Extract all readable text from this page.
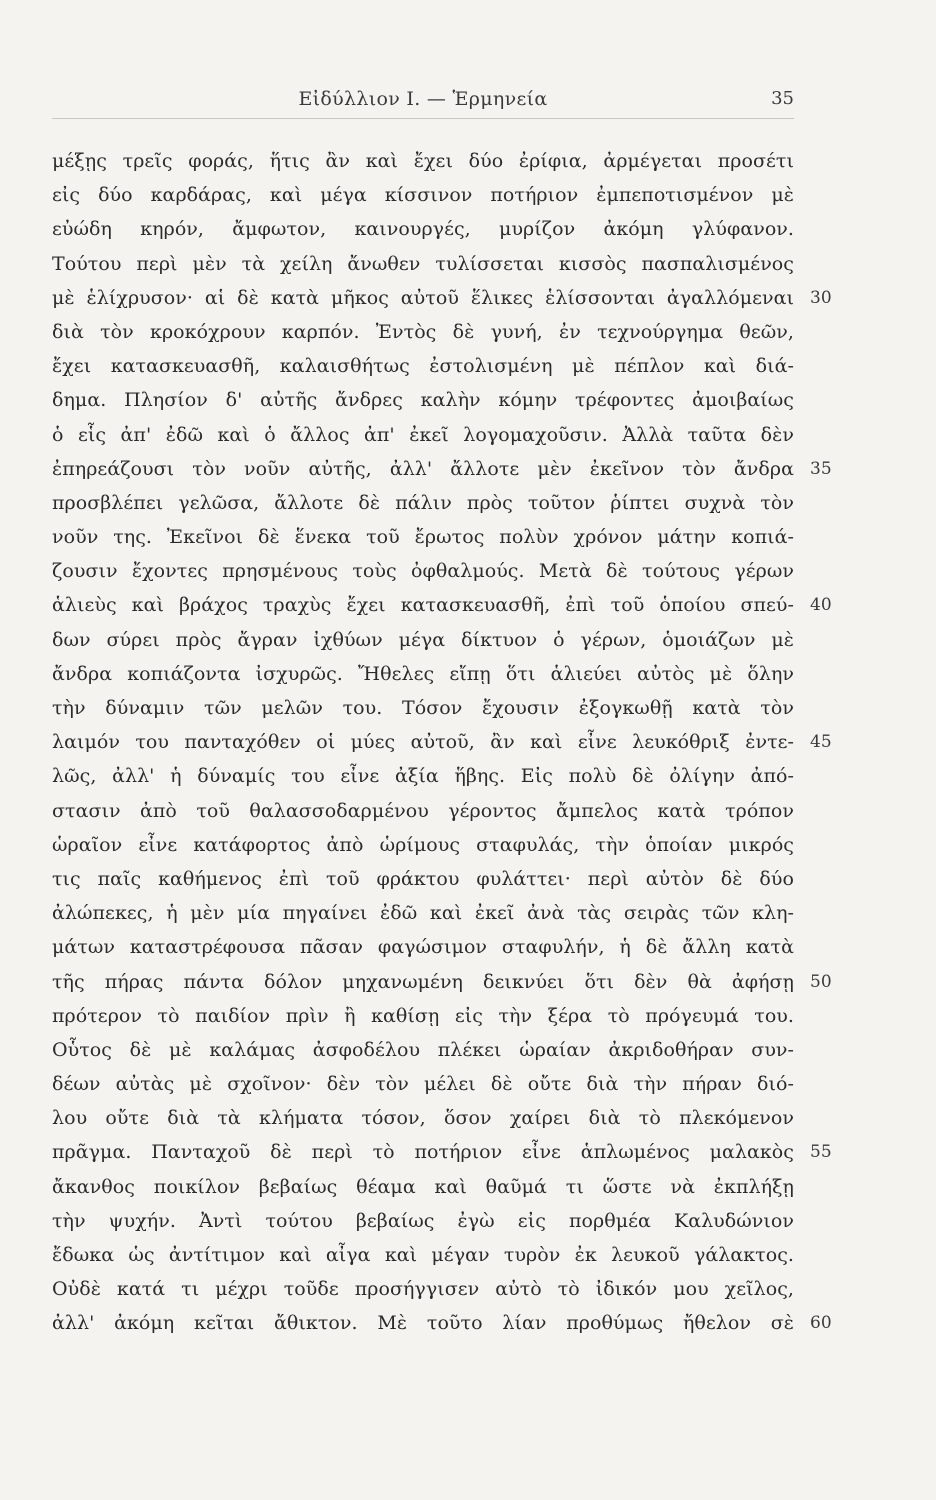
Εἰδύλλιον Ι. — Ἑρμηνεία	35
μέξῃς τρεῖς φοράς, ἥτις ἂν καὶ ἔχει δύο ἐρίφια, ἀρμέγεται προσέτι
εἰς δύο καρδάρας, καὶ μέγα κίσσινον ποτήριον ἐμπεποτισμένον μὲ
εὐώδη κηρόν, ἄμφωτον, καινουργές, μυρίζον ἀκόμη γλύφανον.
Τούτου περὶ μὲν τὰ χείλη ἄνωθεν τυλίσσεται κισσὸς πασπαλισμένος
μὲ ἑλίχρυσον· αἱ δὲ κατὰ μῆκος αὐτοῦ ἕλικες ἑλίσσονται ἀγαλλόμεναι 30
διὰ τὸν κροκόχρουν καρπόν. Ἐντὸς δὲ γυνή, ἐν τεχνούργημα θεῶν,
ἔχει κατασκευασθῆ, καλαισθήτως ἐστολισμένη μὲ πέπλον καὶ διά-
δημα. Πλησίον δ' αὐτῆς ἄνδρες καλὴν κόμην τρέφοντες ἀμοιβαίως
ὁ εἷς ἀπ' ἐδῶ καὶ ὁ ἄλλος ἀπ' ἐκεῖ λογομαχοῦσιν. Ἀλλὰ ταῦτα δὲν
ἐπηρεάζουσι τὸν νοῦν αὐτῆς, ἀλλ' ἄλλοτε μὲν ἐκεῖνον τὸν ἄνδρα 35
προσβλέπει γελῶσα, ἄλλοτε δὲ πάλιν πρὸς τοῦτον ῥίπτει συχνὰ τὸν
νοῦν της. Ἐκεῖνοι δὲ ἕνεκα τοῦ ἔρωτος πολὺν χρόνον μάτην κοπιά-
ζουσιν ἔχοντες πρησμένους τοὺς ὀφθαλμούς. Μετὰ δὲ τούτους γέρων
ἁλιεὺς καὶ βράχος τραχὺς ἔχει κατασκευασθῆ, ἐπὶ τοῦ ὁποίου σπεύ- 40
δων σύρει πρὸς ἄγραν ἰχθύων μέγα δίκτυον ὁ γέρων, ὁμοιάζων μὲ
ἄνδρα κοπιάζοντα ἰσχυρῶς. Ἤθελες εἴπῃ ὅτι ἁλιεύει αὐτὸς μὲ ὅλην
τὴν δύναμιν τῶν μελῶν του. Τόσον ἔχουσιν ἐξογκωθῇ κατὰ τὸν
λαιμόν του πανταχόθεν οἱ μύες αὐτοῦ, ἂν καὶ εἶνε λευκόθριξ ἐντε- 45
λῶς, ἀλλ' ἡ δύναμίς του εἶνε ἀξία ἥβης. Εἰς πολὺ δὲ ὀλίγην ἀπό-
στασιν ἀπὸ τοῦ θαλασσοδαρμένου γέροντος ἄμπελος κατὰ τρόπον
ὡραῖον εἶνε κατάφορτος ἀπὸ ὡρίμους σταφυλάς, τὴν ὁποίαν μικρός
τις παῖς καθήμενος ἐπὶ τοῦ φράκτου φυλάττει· περὶ αὐτὸν δὲ δύο
ἀλώπεκες, ἡ μὲν μία πηγαίνει ἐδῶ καὶ ἐκεῖ ἀνὰ τὰς σειρὰς τῶν κλη-
μάτων καταστρέφουσα πᾶσαν φαγώσιμον σταφυλήν, ἡ δὲ ἄλλη κατὰ
τῆς πήρας πάντα δόλον μηχανωμένη δεικνύει ὅτι δὲν θὰ ἀφήσῃ 50
πρότερον τὸ παιδίον πρὶν ἢ καθίσῃ εἰς τὴν ξέρα τὸ πρόγευμά του.
Οὗτος δὲ μὲ καλάμας ἀσφοδέλου πλέκει ὡραίαν ἀκριδοθήραν συν-
δέων αὐτὰς μὲ σχοῖνον· δὲν τὸν μέλει δὲ οὔτε διὰ τὴν πήραν διό-
λου οὔτε διὰ τὰ κλήματα τόσον, ὅσον χαίρει διὰ τὸ πλεκόμενον
πρᾶγμα. Πανταχοῦ δὲ περὶ τὸ ποτήριον εἶνε ἁπλωμένος μαλακὸς 55
ἄκανθος ποικίλον βεβαίως θέαμα καὶ θαῦμά τι ὥστε νὰ ἐκπλήξῃ
τὴν ψυχήν. Ἀντὶ τούτου βεβαίως ἐγὼ εἰς πορθμέα Καλυδώνιον
ἔδωκα ὡς ἀντίτιμον καὶ αἶγα καὶ μέγαν τυρὸν ἐκ λευκοῦ γάλακτος.
Οὐδὲ κατά τι μέχρι τοῦδε προσήγγισεν αὐτὸ τὸ ἰδικόν μου χεῖλος,
ἀλλ' ἀκόμη κεῖται ἄθικτον. Μὲ τοῦτο λίαν προθύμως ἤθελον σὲ 60
